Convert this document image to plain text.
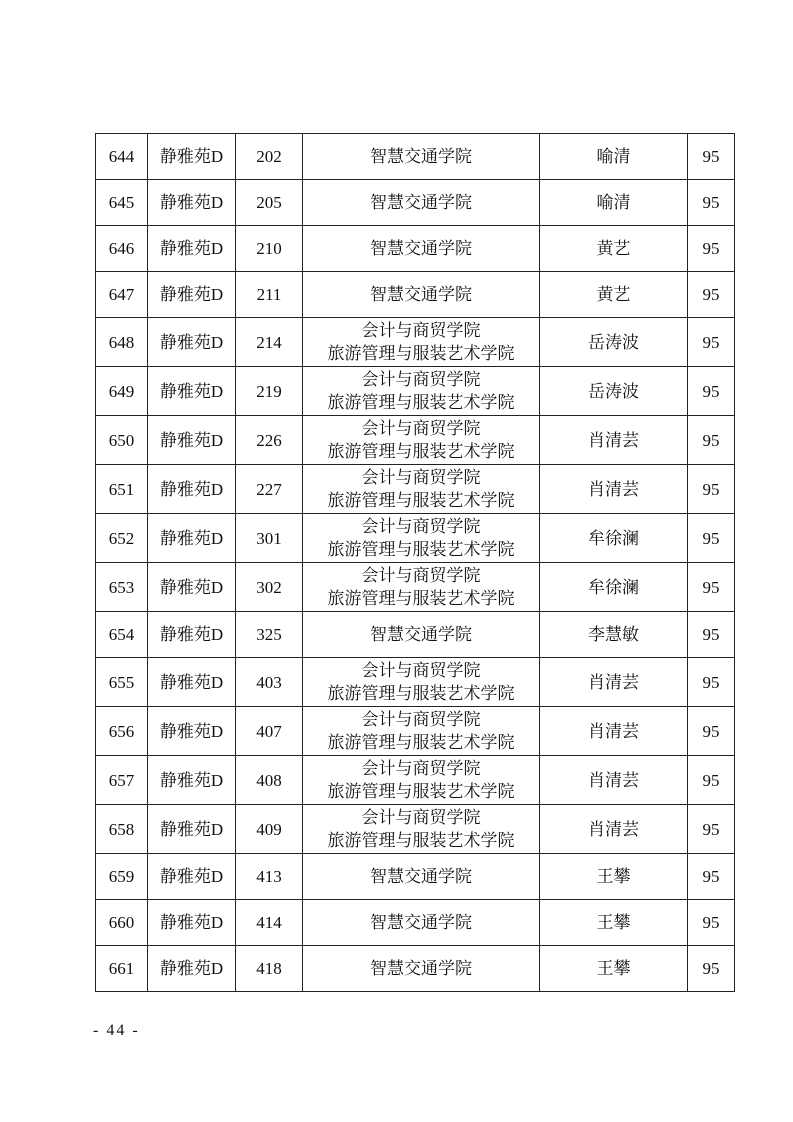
644	静雅苑D	202	智慧交通学院	喻清	95
645	静雅苑D	205	智慧交通学院	喻清	95
646	静雅苑D	210	智慧交通学院	黄艺	95
647	静雅苑D	211	智慧交通学院	黄艺	95
648	静雅苑D	214	会计与商贸学院
旅游管理与服装艺术学院	岳涛波	95
649	静雅苑D	219	会计与商贸学院
旅游管理与服装艺术学院	岳涛波	95
650	静雅苑D	226	会计与商贸学院
旅游管理与服装艺术学院	肖清芸	95
651	静雅苑D	227	会计与商贸学院
旅游管理与服装艺术学院	肖清芸	95
652	静雅苑D	301	会计与商贸学院
旅游管理与服装艺术学院	牟徐澜	95
653	静雅苑D	302	会计与商贸学院
旅游管理与服装艺术学院	牟徐澜	95
654	静雅苑D	325	智慧交通学院	李慧敏	95
655	静雅苑D	403	会计与商贸学院
旅游管理与服装艺术学院	肖清芸	95
656	静雅苑D	407	会计与商贸学院
旅游管理与服装艺术学院	肖清芸	95
657	静雅苑D	408	会计与商贸学院
旅游管理与服装艺术学院	肖清芸	95
658	静雅苑D	409	会计与商贸学院
旅游管理与服装艺术学院	肖清芸	95
659	静雅苑D	413	智慧交通学院	王攀	95
660	静雅苑D	414	智慧交通学院	王攀	95
661	静雅苑D	418	智慧交通学院	王攀	95
- 44 -
